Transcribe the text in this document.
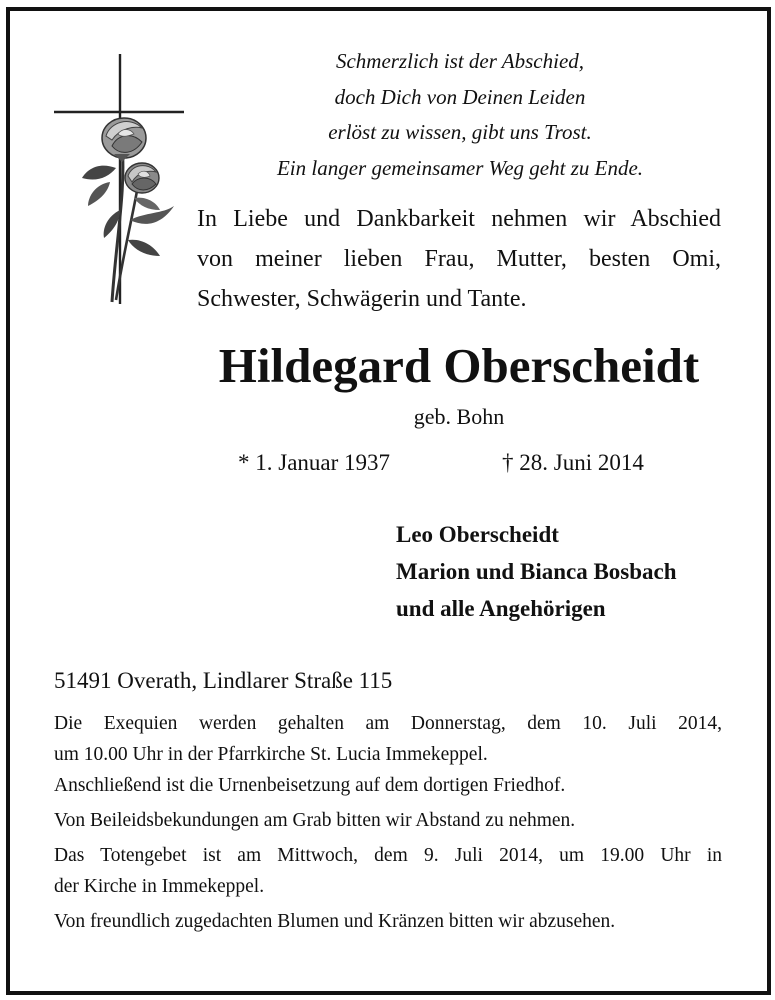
Schmerzlich ist der Abschied,
doch Dich von Deinen Leiden
erlöst zu wissen, gibt uns Trost.
Ein langer gemeinsamer Weg geht zu Ende.
In Liebe und Dankbarkeit nehmen wir Abschied
von meiner lieben Frau, Mutter, besten Omi,
Schwester, Schwägerin und Tante.
Hildegard Oberscheidt
geb. Bohn
* 1. Januar 1937	† 28. Juni 2014
Leo Oberscheidt
Marion und Bianca Bosbach
und alle Angehörigen
51491 Overath, Lindlarer Straße 115
Die Exequien werden gehalten am Donnerstag, dem 10. Juli 2014,
um 10.00 Uhr in der Pfarrkirche St. Lucia Immekeppel.
Anschließend ist die Urnenbeisetzung auf dem dortigen Friedhof.
Von Beileidsbekundungen am Grab bitten wir Abstand zu nehmen.
Das Totengebet ist am Mittwoch, dem 9. Juli 2014, um 19.00 Uhr in
der Kirche in Immekeppel.
Von freundlich zugedachten Blumen und Kränzen bitten wir abzusehen.
